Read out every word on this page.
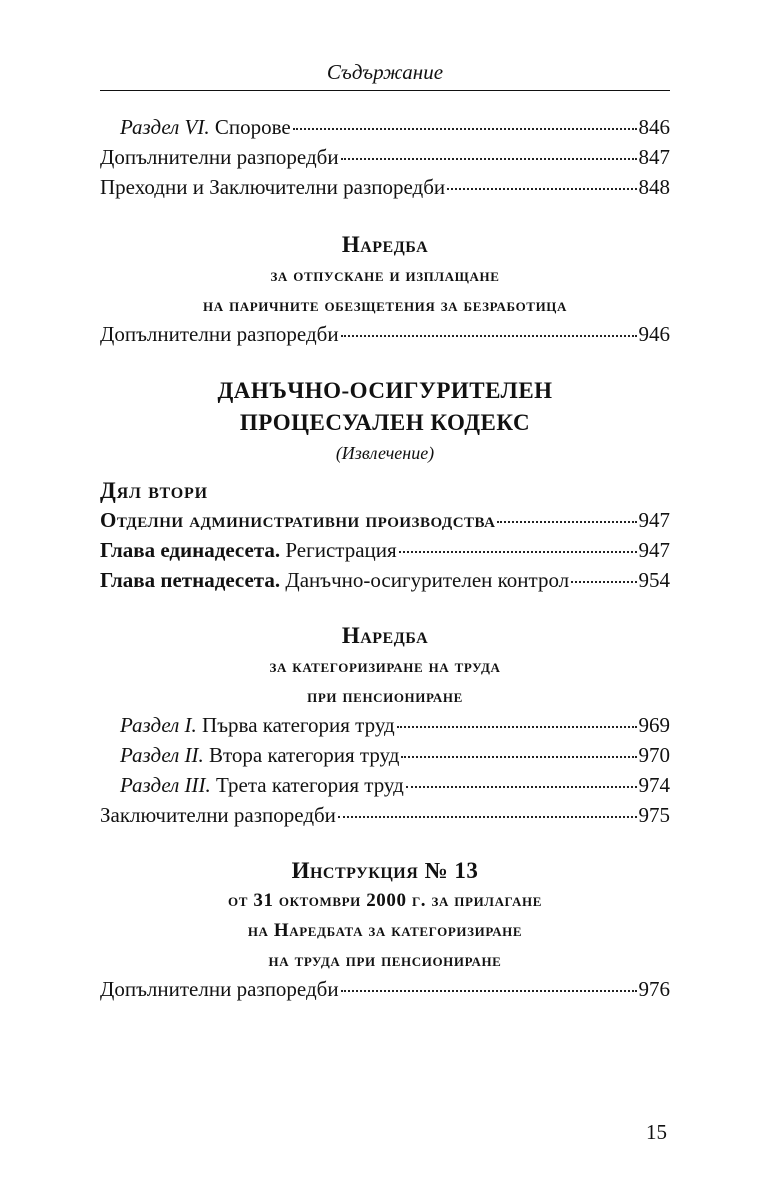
Съдържание
Раздел VI. Спорове	846
Допълнителни разпоредби	847
Преходни и Заключителни разпоредби	848
Наредба
за отпускане и изплащане
на паричните обезщетения за безработица
Допълнителни разпоредби	946
ДАНЪЧНО-ОСИГУРИТЕЛЕН
ПРОЦЕСУАЛЕН КОДЕКС
(Извлечение)
Дял втори
Отделни административни производства	947
Глава единадесета. Регистрация	947
Глава петнадесета. Данъчно-осигурителен контрол	954
Наредба
за категоризиране на труда
при пенсиониране
Раздел I. Първа категория труд	969
Раздел II. Втора категория труд	970
Раздел III. Трета категория труд	974
Заключителни разпоредби	975
Инструкция № 13
от 31 октомври 2000 г. за прилагане
на Наредбата за категоризиране
на труда при пенсиониране
Допълнителни разпоредби	976
15
